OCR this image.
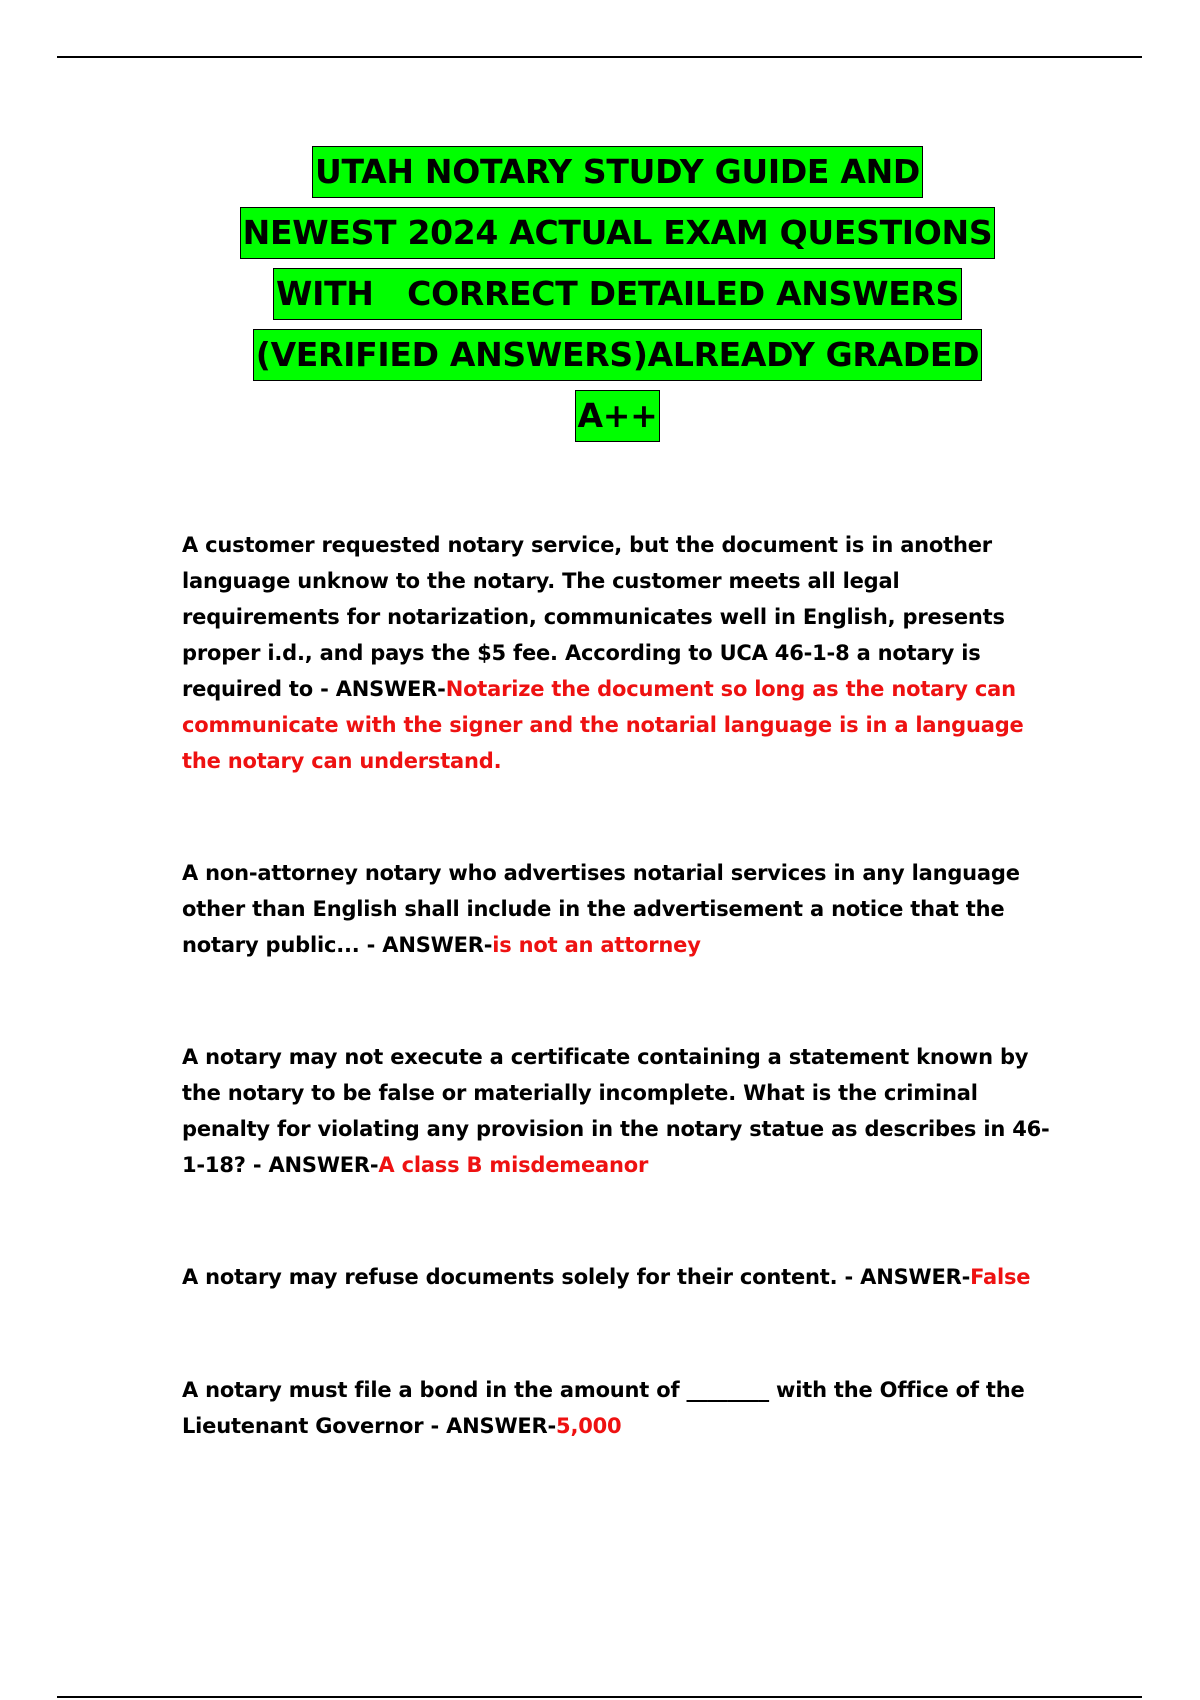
UTAH NOTARY STUDY GUIDE AND
NEWEST 2024 ACTUAL EXAM QUESTIONS
WITH   CORRECT DETAILED ANSWERS
(VERIFIED ANSWERS)ALREADY GRADED
A++

A customer requested notary service, but the document is in another language unknow to the notary. The customer meets all legal requirements for notarization, communicates well in English, presents proper i.d., and pays the $5 fee. According to UCA 46-1-8 a notary is required to - ANSWER-Notarize the document so long as the notary can communicate with the signer and the notarial language is in a language the notary can understand.

A non-attorney notary who advertises notarial services in any language other than English shall include in the advertisement a notice that the notary public... - ANSWER-is not an attorney

A notary may not execute a certificate containing a statement known by the notary to be false or materially incomplete. What is the criminal penalty for violating any provision in the notary statue as describes in 46-1-18? - ANSWER-A class B misdemeanor

A notary may refuse documents solely for their content. - ANSWER-False

A notary must file a bond in the amount of ________ with the Office of the Lieutenant Governor - ANSWER-5,000
